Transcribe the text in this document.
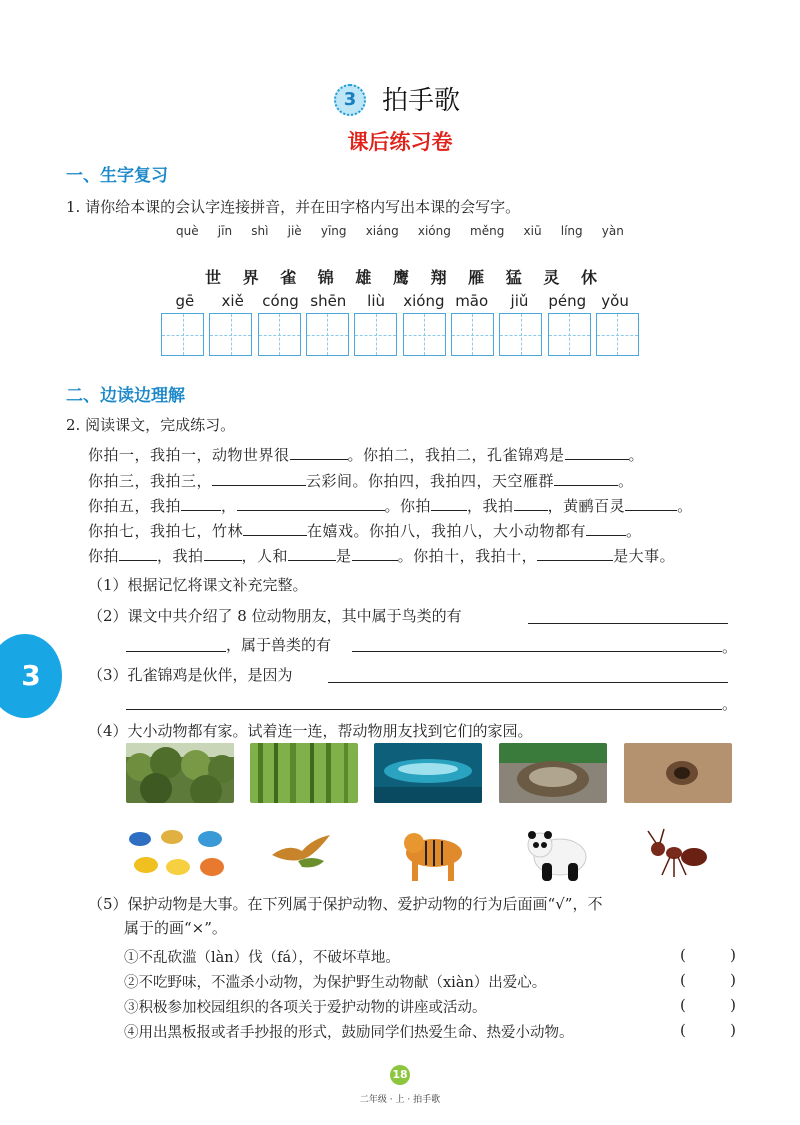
3 拍手歌
课后练习卷
一、生字复习
1. 请你给本课的会认字连接拼音，并在田字格内写出本课的会写字。
què jīn shì jiè yīng xiáng xióng měng xiū líng yàn
世 界 雀 锦 雄 鹰 翔 雁 猛 灵 休
gē	xiě	cóng shēn	liù	xióng māo	jiǔ	péng	yǒu
二、边读边理解
2. 阅读课文，完成练习。
你拍一，我拍一，动物世界很	。你拍二，我拍二，孔雀锦鸡是	。
你拍三，我拍三，	云彩间。你拍四，我拍四，天空雁群	。
你拍五，我拍	，	。你拍 ，我拍 ，黄鹂百灵	。
你拍七，我拍七，竹林	在嬉戏。你拍八，我拍八，大小动物都有	。
你拍	，我拍	，人和	是	。你拍十，我拍十，	是大事。
（1）根据记忆将课文补充完整。
（2）课文中共介绍了 8 位动物朋友，其中属于鸟类的有
，属于兽类的有	。
3	（3）孔雀锦鸡是伙伴，是因为
。
（4）大小动物都有家。试着连一连，帮动物朋友找到它们的家园。
（5）保护动物是大事。在下列属于保护动物、爱护动物的行为后面画“√”，不
属于的画“×”。
①不乱砍滥（làn）伐（fá），不破坏草地。	(	)
②不吃野味，不滥杀小动物，为保护野生动物献（xiàn）出爱心。	(	)
③积极参加校园组织的各项关于爱护动物的讲座或活动。	(	)
④用出黑板报或者手抄报的形式，鼓励同学们热爱生命、热爱小动物。	(	)
18
二年级 · 上 · 拍手歌
